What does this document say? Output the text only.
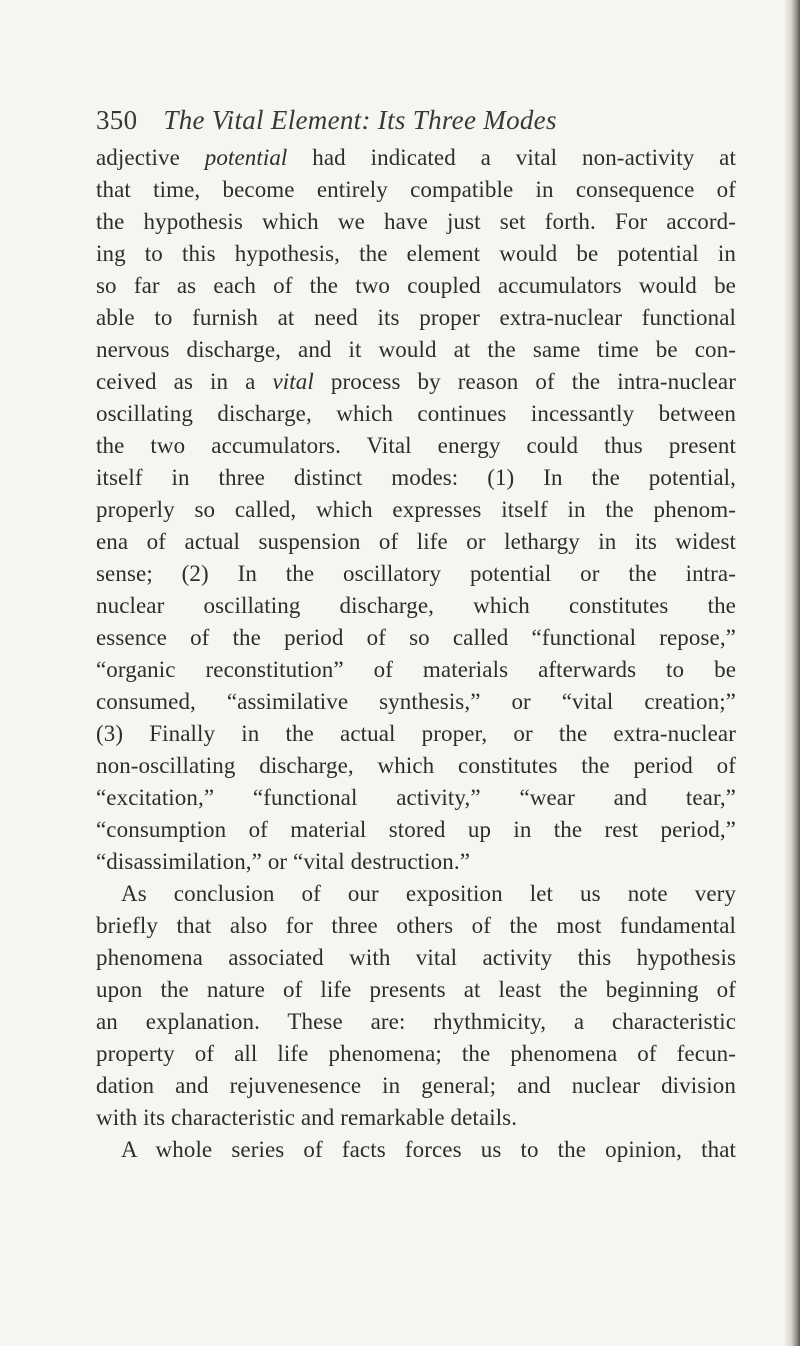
350 The Vital Element: Its Three Modes
adjective potential had indicated a vital non-activity at
that time, become entirely compatible in consequence of
the hypothesis which we have just set forth. For accord-
ing to this hypothesis, the element would be potential in
so far as each of the two coupled accumulators would be
able to furnish at need its proper extra-nuclear functional
nervous discharge, and it would at the same time be con-
ceived as in a vital process by reason of the intra-nuclear
oscillating discharge, which continues incessantly between
the two accumulators. Vital energy could thus present
itself in three distinct modes: (1) In the potential,
properly so called, which expresses itself in the phenom-
ena of actual suspension of life or lethargy in its widest
sense; (2) In the oscillatory potential or the intra-
nuclear oscillating discharge, which constitutes the
essence of the period of so called “functional repose,”
“organic reconstitution” of materials afterwards to be
consumed, “assimilative synthesis,” or “vital creation;”
(3) Finally in the actual proper, or the extra-nuclear
non-oscillating discharge, which constitutes the period of
“excitation,” “functional activity,” “wear and tear,”
“consumption of material stored up in the rest period,”
“disassimilation,” or “vital destruction.”
As conclusion of our exposition let us note very
briefly that also for three others of the most fundamental
phenomena associated with vital activity this hypothesis
upon the nature of life presents at least the beginning of
an explanation. These are: rhythmicity, a characteristic
property of all life phenomena; the phenomena of fecun-
dation and rejuvenesence in general; and nuclear division
with its characteristic and remarkable details.
A whole series of facts forces us to the opinion, that
